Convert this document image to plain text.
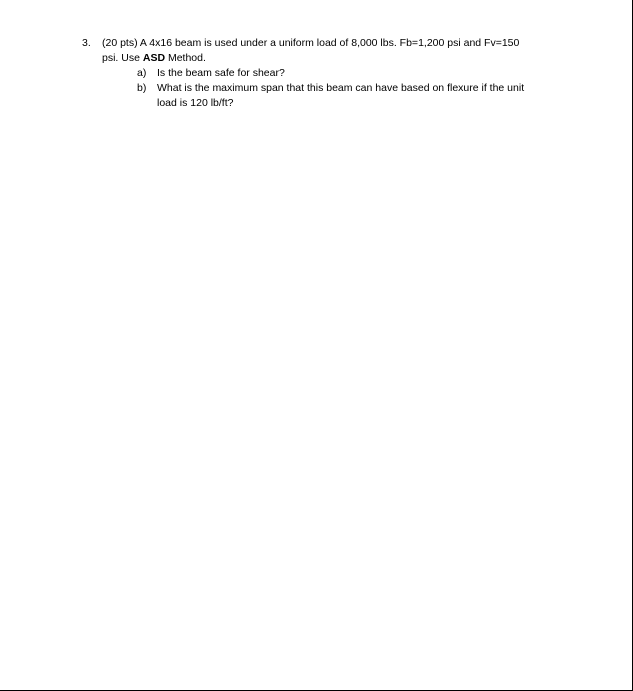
3.	(20 pts) A 4x16 beam is used under a uniform load of 8,000 lbs. Fb=1,200 psi and Fv=150
psi. Use ASD Method.
a)	Is the beam safe for shear?
b)	What is the maximum span that this beam can have based on flexure if the unit
load is 120 lb/ft?
